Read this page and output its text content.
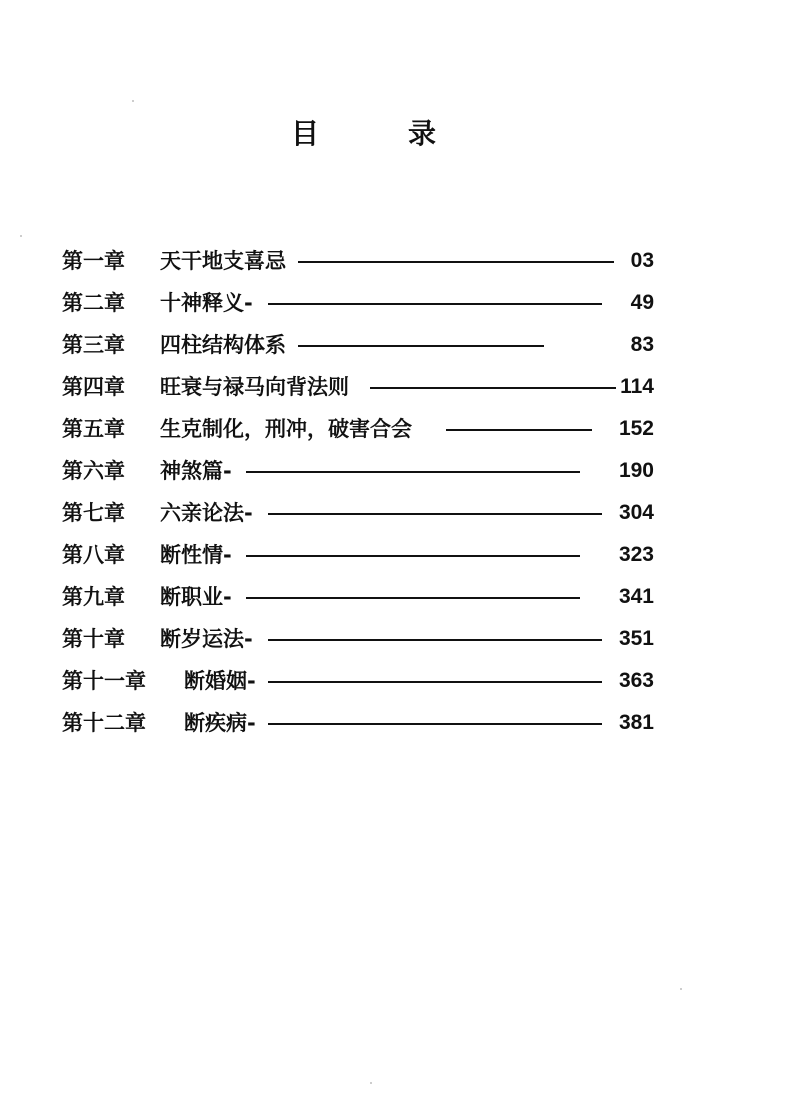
目	录
第一章 天干地支喜忌	03
第二章 十神释义-	49
第三章 四柱结构体系	83
第四章 旺衰与禄马向背法则	114
第五章 生克制化，刑冲，破害合会	152
第六章 神煞篇-	190
第七章 六亲论法-	304
第八章 断性情-	323
第九章 断职业-	341
第十章 断岁运法-	351
第十一章 断婚姻-	363
第十二章 断疾病-	381
